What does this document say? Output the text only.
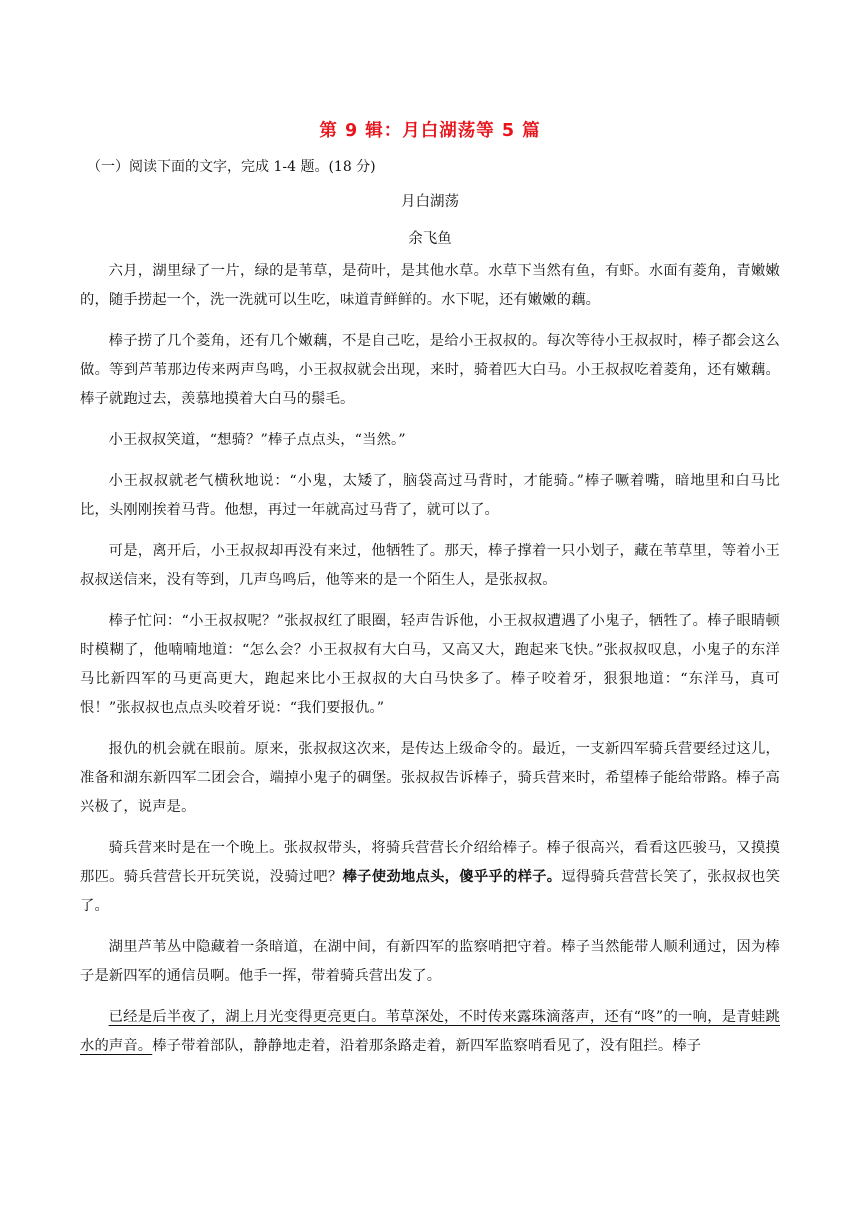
第 9 辑：月白湖荡等 5 篇

（一）阅读下面的文字，完成 1-4 题。(18 分)

月白湖荡

余飞鱼

六月，湖里绿了一片，绿的是苇草，是荷叶，是其他水草。水草下当然有鱼，有虾。水面有菱角，青嫩嫩的，随手捞起一个，洗一洗就可以生吃，味道青鲜鲜的。水下呢，还有嫩嫩的藕。

棒子捞了几个菱角，还有几个嫩藕，不是自己吃，是给小王叔叔的。每次等待小王叔叔时，棒子都会这么做。等到芦苇那边传来两声鸟鸣，小王叔叔就会出现，来时，骑着匹大白马。小王叔叔吃着菱角，还有嫩藕。棒子就跑过去，羡慕地摸着大白马的鬃毛。

小王叔叔笑道，“想骑？”棒子点点头，“当然。”

小王叔叔就老气横秋地说：“小鬼，太矮了，脑袋高过马背时，才能骑。”棒子噘着嘴，暗地里和白马比比，头刚刚挨着马背。他想，再过一年就高过马背了，就可以了。

可是，离开后，小王叔叔却再没有来过，他牺牲了。那天，棒子撑着一只小划子，藏在苇草里，等着小王叔叔送信来，没有等到，几声鸟鸣后，他等来的是一个陌生人，是张叔叔。

棒子忙问：“小王叔叔呢？”张叔叔红了眼圈，轻声告诉他，小王叔叔遭遇了小鬼子，牺牲了。棒子眼睛顿时模糊了，他喃喃地道：“怎么会？小王叔叔有大白马，又高又大，跑起来飞快。”张叔叔叹息，小鬼子的东洋马比新四军的马更高更大，跑起来比小王叔叔的大白马快多了。棒子咬着牙，狠狠地道：“东洋马，真可恨！”张叔叔也点点头咬着牙说：“我们要报仇。”

报仇的机会就在眼前。原来，张叔叔这次来，是传达上级命令的。最近，一支新四军骑兵营要经过这儿，准备和湖东新四军二团会合，端掉小鬼子的碉堡。张叔叔告诉棒子，骑兵营来时，希望棒子能给带路。棒子高兴极了，说声是。

骑兵营来时是在一个晚上。张叔叔带头，将骑兵营营长介绍给棒子。棒子很高兴，看看这匹骏马，又摸摸那匹。骑兵营营长开玩笑说，没骑过吧？棒子使劲地点头，傻乎乎的样子。逗得骑兵营营长笑了，张叔叔也笑了。

湖里芦苇丛中隐藏着一条暗道，在湖中间，有新四军的监察哨把守着。棒子当然能带人顺利通过，因为棒子是新四军的通信员啊。他手一挥，带着骑兵营出发了。

已经是后半夜了，湖上月光变得更亮更白。苇草深处，不时传来露珠滴落声，还有“咚”的一响，是青蛙跳水的声音。棒子带着部队，静静地走着，沿着那条路走着，新四军监察哨看见了，没有阻拦。棒子
